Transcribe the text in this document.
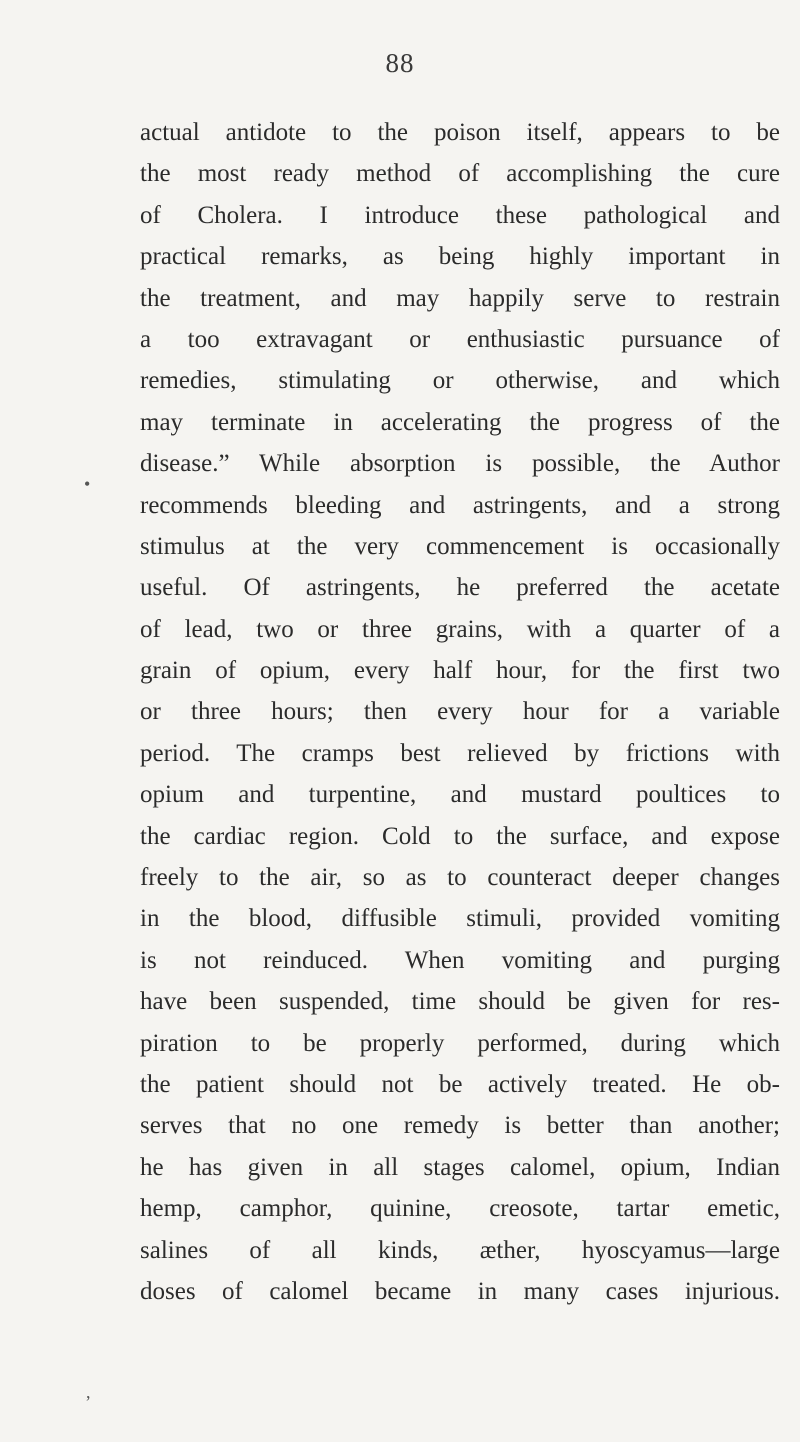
88
•
,
actual antidote to the poison itself, appears to be
the most ready method of accomplishing the cure
of Cholera. I introduce these pathological and
practical remarks, as being highly important in
the treatment, and may happily serve to restrain
a too extravagant or enthusiastic pursuance of
remedies, stimulating or otherwise, and which
may terminate in accelerating the progress of the
disease.” While absorption is possible, the Author
recommends bleeding and astringents, and a strong
stimulus at the very commencement is occasionally
useful. Of astringents, he preferred the acetate
of lead, two or three grains, with a quarter of a
grain of opium, every half hour, for the first two
or three hours; then every hour for a variable
period. The cramps best relieved by frictions with
opium and turpentine, and mustard poultices to
the cardiac region. Cold to the surface, and expose
freely to the air, so as to counteract deeper changes
in the blood, diffusible stimuli, provided vomiting
is not reinduced. When vomiting and purging
have been suspended, time should be given for res-
piration to be properly performed, during which
the patient should not be actively treated. He ob-
serves that no one remedy is better than another;
he has given in all stages calomel, opium, Indian
hemp, camphor, quinine, creosote, tartar emetic,
salines of all kinds, æther, hyoscyamus—large
doses of calomel became in many cases injurious.
